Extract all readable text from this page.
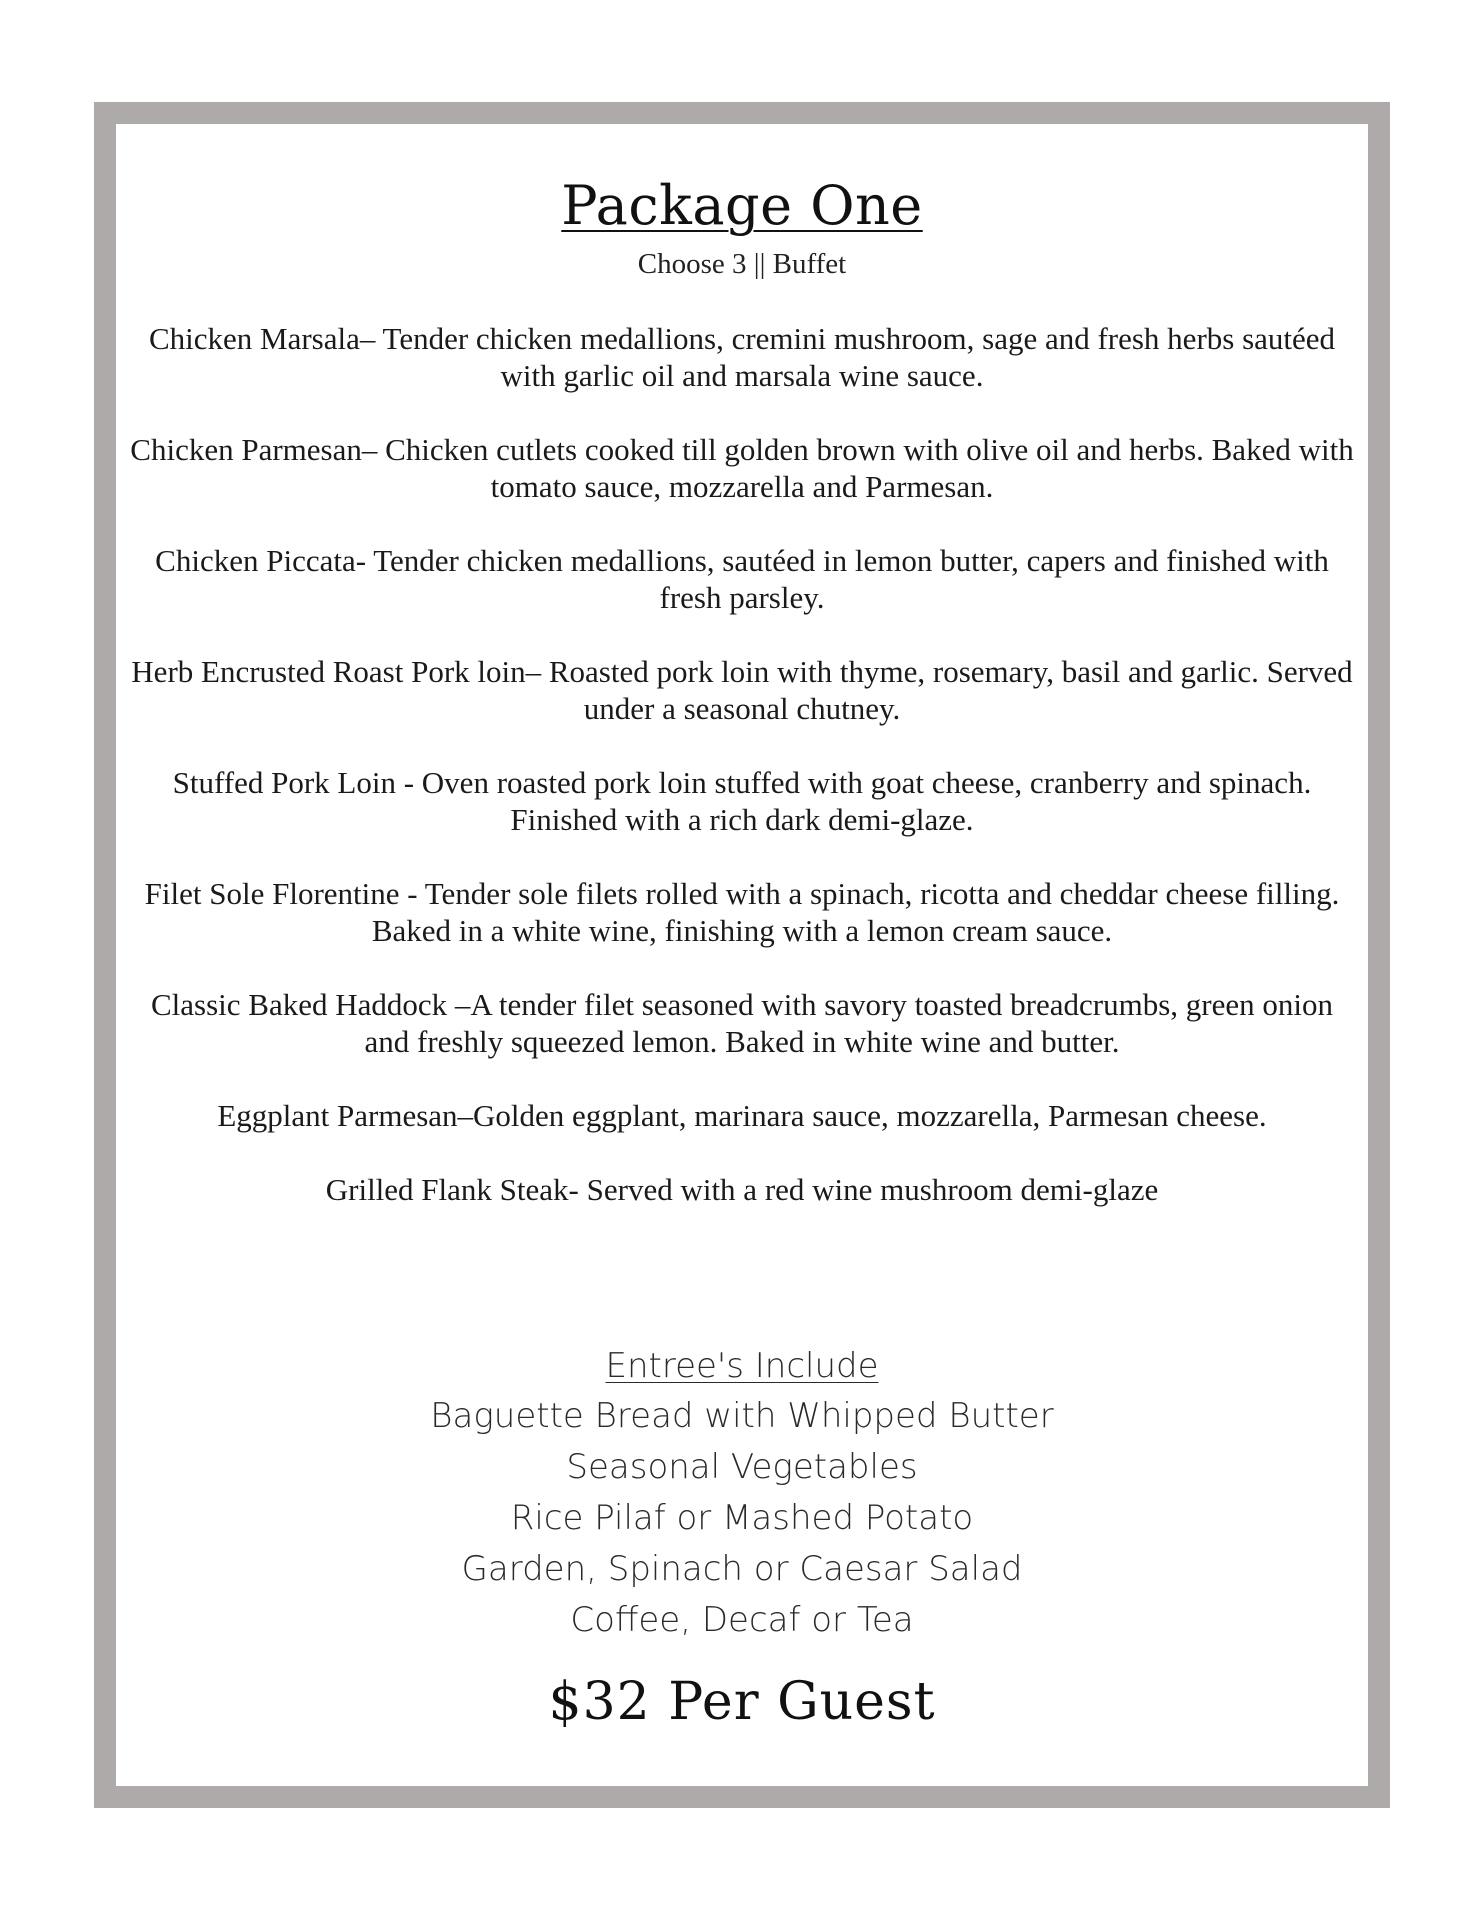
Package One
Choose 3 || Buffet

Chicken Marsala– Tender chicken medallions, cremini mushroom, sage and fresh herbs sautéed with garlic oil and marsala wine sauce.

Chicken Parmesan– Chicken cutlets cooked till golden brown with olive oil and herbs. Baked with tomato sauce, mozzarella and Parmesan.

Chicken Piccata- Tender chicken medallions, sautéed in lemon butter, capers and finished with fresh parsley.

Herb Encrusted Roast Pork loin– Roasted pork loin with thyme, rosemary, basil and garlic. Served under a seasonal chutney.

Stuffed Pork Loin - Oven roasted pork loin stuffed with goat cheese, cranberry and spinach. Finished with a rich dark demi-glaze.

Filet Sole Florentine - Tender sole filets rolled with a spinach, ricotta and cheddar cheese filling. Baked in a white wine, finishing with a lemon cream sauce.

Classic Baked Haddock –A tender filet seasoned with savory toasted breadcrumbs, green onion and freshly squeezed lemon. Baked in white wine and butter.

Eggplant Parmesan–Golden eggplant, marinara sauce, mozzarella, Parmesan cheese.

Grilled Flank Steak- Served with a red wine mushroom demi-glaze

Entree's Include
Baguette Bread with Whipped Butter
Seasonal Vegetables
Rice Pilaf or Mashed Potato
Garden, Spinach or Caesar Salad
Coffee, Decaf or Tea
$32 Per Guest
